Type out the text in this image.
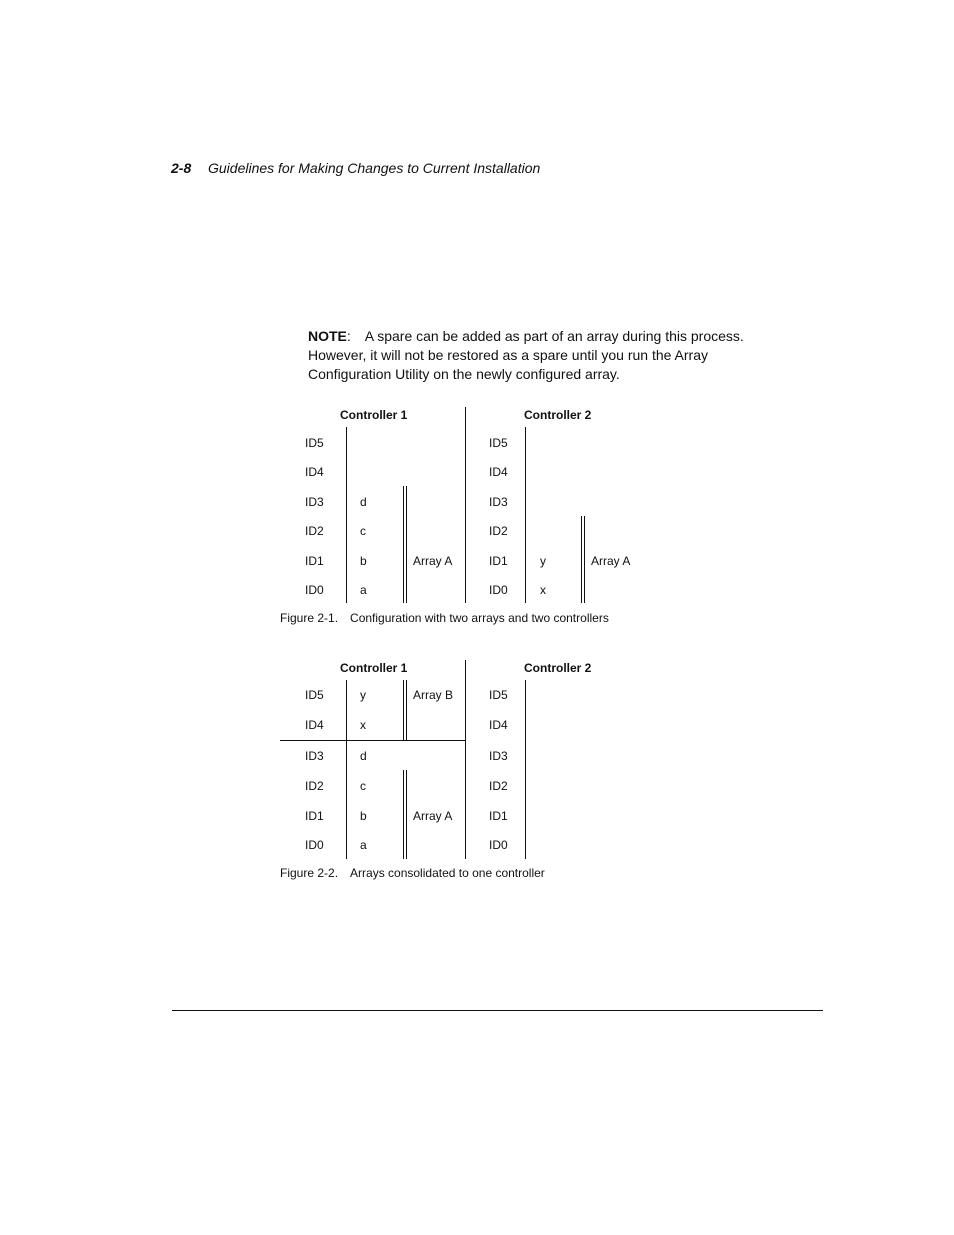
2-8 Guidelines for Making Changes to Current Installation
NOTE: A spare can be added as part of an array during this process. However, it will not be restored as a spare until you run the Array Configuration Utility on the newly configured array.
Controller 1	Controller 2
ID5
ID4
ID3
ID2
ID1
ID0
d
c
b
a
Array A
ID5
ID4
ID3
ID2
ID1
ID0
y
x
Array A
Figure 2-1. Configuration with two arrays and two controllers
Controller 1	Controller 2
ID5
ID4
ID3
ID2
ID1
ID0
y
x
d
c
b
a
Array B
Array A
ID5
ID4
ID3
ID2
ID1
ID0
Figure 2-2. Arrays consolidated to one controller
